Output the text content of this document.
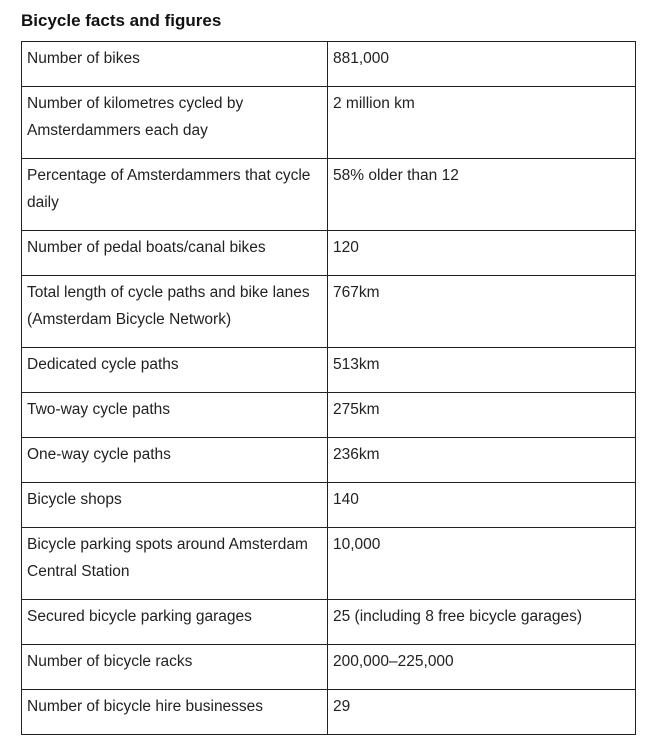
Bicycle facts and figures
Number of bikes	881,000
Number of kilometres cycled by Amsterdammers each day	2 million km
Percentage of Amsterdammers that cycle daily	58% older than 12
Number of pedal boats/canal bikes	120
Total length of cycle paths and bike lanes (Amsterdam Bicycle Network)	767km
Dedicated cycle paths	513km
Two-way cycle paths	275km
One-way cycle paths	236km
Bicycle shops	140
Bicycle parking spots around Amsterdam Central Station	10,000
Secured bicycle parking garages	25 (including 8 free bicycle garages)
Number of bicycle racks	200,000–225,000
Number of bicycle hire businesses	29
